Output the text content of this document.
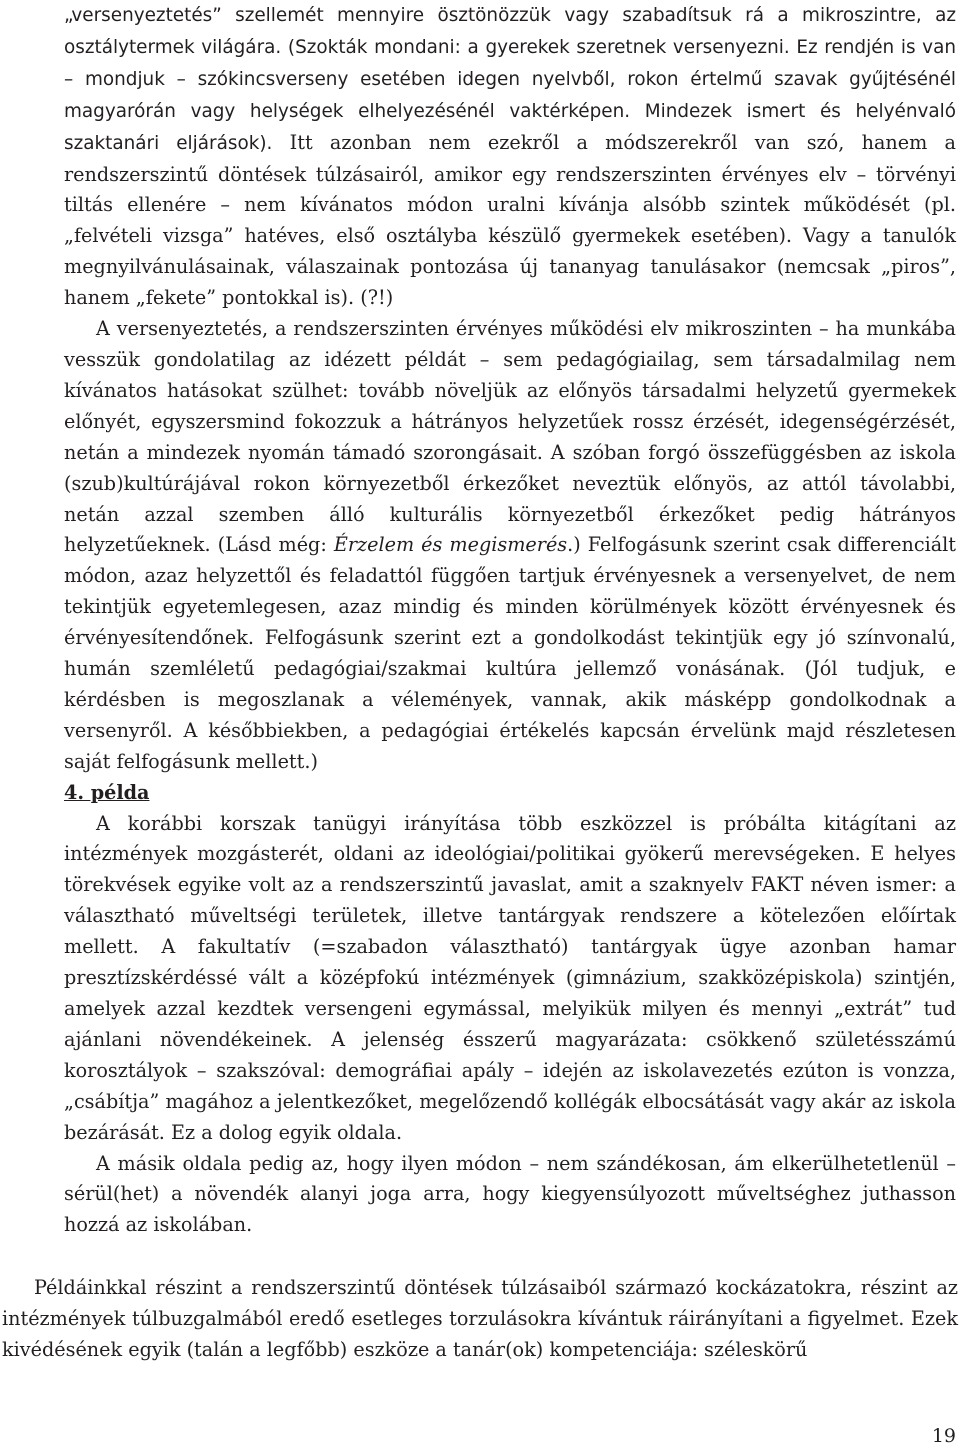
„versenyeztetés” szellemét mennyire ösztönözzük vagy szabadítsuk rá a mikroszintre, az osztálytermek világára. (Szokták mondani: a gyerekek szeretnek versenyezni. Ez rendjén is van – mondjuk – szókincsverseny esetében idegen nyelvből, rokon értelmű szavak gyűjtésénél magyarórán vagy helységek elhelyezésénél vaktérképen. Mindezek ismert és helyénvaló szaktanári eljárások). Itt azonban nem ezekről a módszerekről van szó, hanem a rendszerszintű döntések túlzásairól, amikor egy rendszerszinten érvényes elv – törvényi tiltás ellenére – nem kívánatos módon uralni kívánja alsóbb szintek működését (pl. „felvételi vizsga” hatéves, első osztályba készülő gyermekek esetében). Vagy a tanulók megnyilvánulásainak, válaszainak pontozása új tananyag tanulásakor (nemcsak „piros”, hanem „fekete” pontokkal is). (?!)

A versenyeztetés, a rendszerszinten érvényes működési elv mikroszinten – ha munkába vesszük gondolatilag az idézett példát – sem pedagógiailag, sem társadalmilag nem kívánatos hatásokat szülhet: tovább növeljük az előnyös társadalmi helyzetű gyermekek előnyét, egyszersmind fokozzuk a hátrányos helyzetűek rossz érzését, idegenségérzését, netán a mindezek nyomán támadó szorongásait. A szóban forgó összefüggésben az iskola (szub)kultúrájával rokon környezetből érkezőket neveztük előnyös, az attól távolabbi, netán azzal szemben álló kulturális környezetből érkezőket pedig hátrányos helyzetűeknek. (Lásd még: Érzelem és megismerés.) Felfogásunk szerint csak differenciált módon, azaz helyzettől és feladattól függően tartjuk érvényesnek a versenyelvet, de nem tekintjük egyetemlegesen, azaz mindig és minden körülmények között érvényesnek és érvényesítendőnek. Felfogásunk szerint ezt a gondolkodást tekintjük egy jó színvonalú, humán szemléletű pedagógiai/szakmai kultúra jellemző vonásának. (Jól tudjuk, e kérdésben is megoszlanak a vélemények, vannak, akik másképp gondolkodnak a versenyről. A későbbiekben, a pedagógiai értékelés kapcsán érvelünk majd részletesen saját felfogásunk mellett.)

4. példa

A korábbi korszak tanügyi irányítása több eszközzel is próbálta kitágítani az intézmények mozgásterét, oldani az ideológiai/politikai gyökerű merevségeken. E helyes törekvések egyike volt az a rendszerszintű javaslat, amit a szaknyelv FAKT néven ismer: a választható műveltségi területek, illetve tantárgyak rendszere a kötelezően előírtak mellett. A fakultatív (=szabadon választható) tantárgyak ügye azonban hamar presztízskérdéssé vált a középfokú intézmények (gimnázium, szakközépiskola) szintjén, amelyek azzal kezdtek versengeni egymással, melyikük milyen és mennyi „extrát” tud ajánlani növendékeinek. A jelenség ésszerű magyarázata: csökkenő születésszámú korosztályok – szakszóval: demográfiai apály – idején az iskolavezetés ezúton is vonzza, „csábítja” magához a jelentkezőket, megelőzendő kollégák elbocsátását vagy akár az iskola bezárását. Ez a dolog egyik oldala.

A másik oldala pedig az, hogy ilyen módon – nem szándékosan, ám elkerülhetetlenül – sérül(het) a növendék alanyi joga arra, hogy kiegyensúlyozott műveltséghez juthasson hozzá az iskolában.

Példáinkkal részint a rendszerszintű döntések túlzásaiból származó kockázatokra, részint az intézmények túlbuzgalmából eredő esetleges torzulásokra kívántuk ráirányítani a figyelmet. Ezek kivédésének egyik (talán a legfőbb) eszköze a tanár(ok) kompetenciája: széleskörű

19
